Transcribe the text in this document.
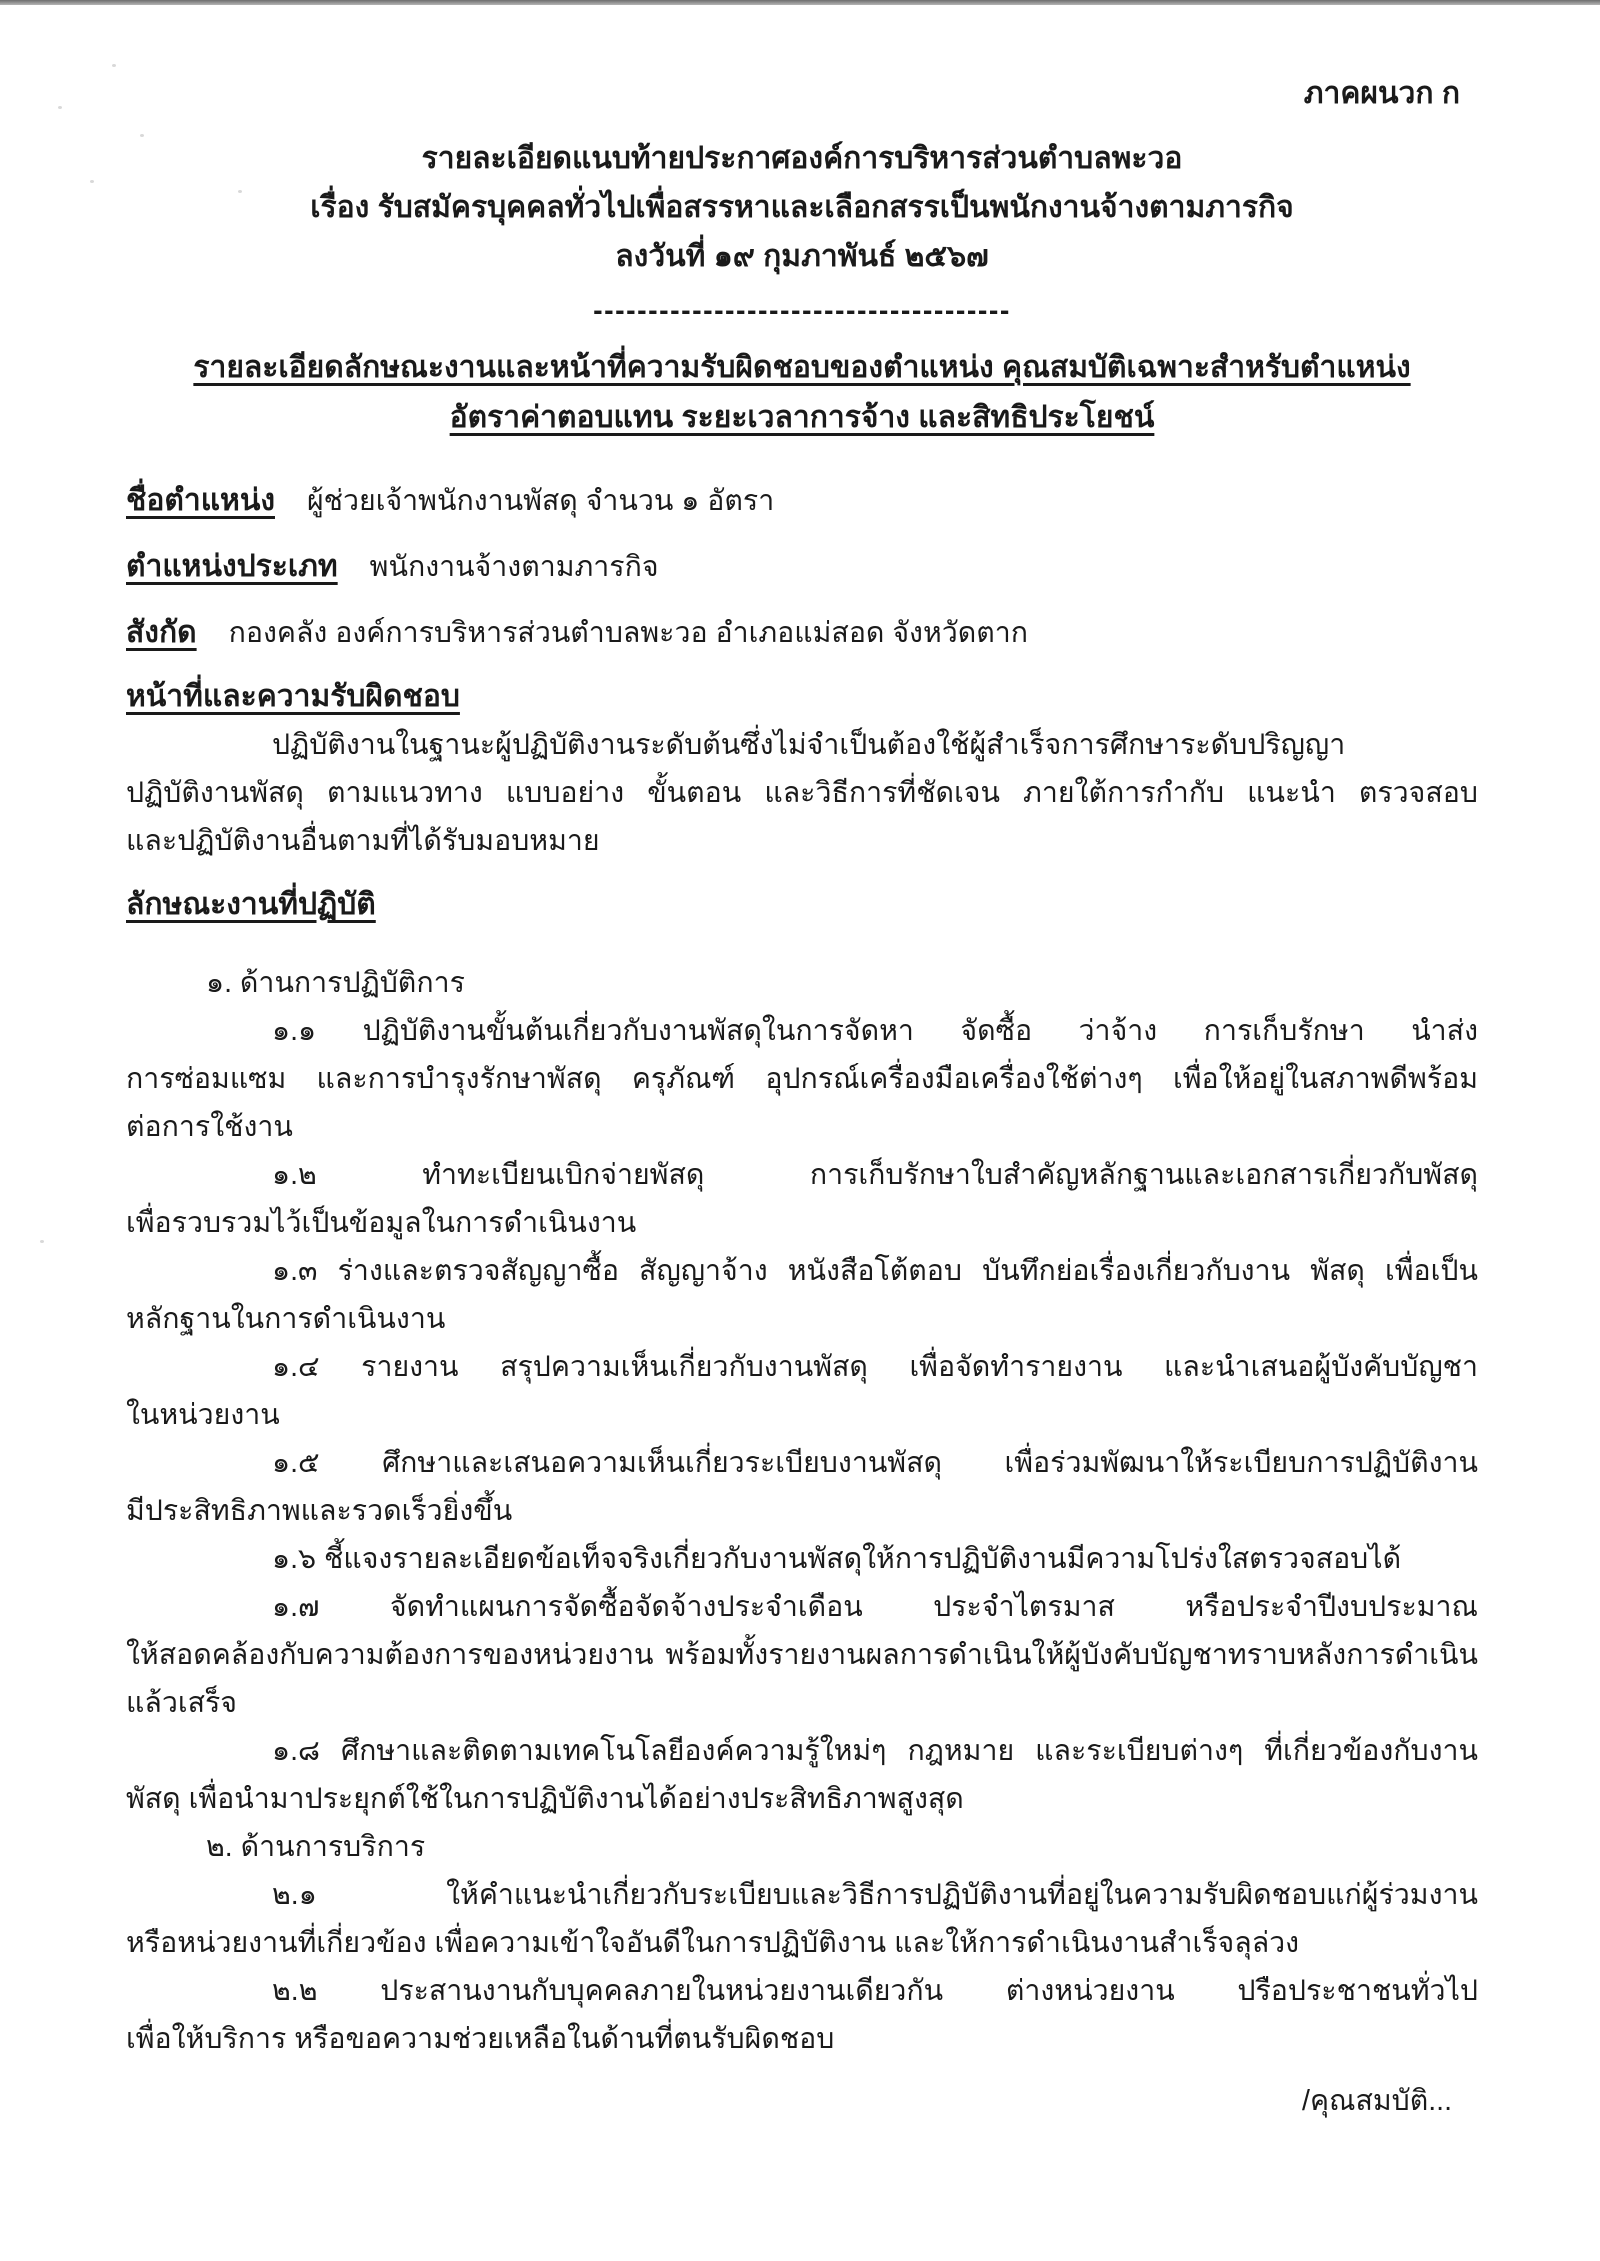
ภาคผนวก ก
รายละเอียดแนบท้ายประกาศองค์การบริหารส่วนตำบลพะวอ
เรื่อง รับสมัครบุคคลทั่วไปเพื่อสรรหาและเลือกสรรเป็นพนักงานจ้างตามภารกิจ
ลงวันที่ ๑๙ กุมภาพันธ์ ๒๕๖๗
--------------------------------------
รายละเอียดลักษณะงานและหน้าที่ความรับผิดชอบของตำแหน่ง คุณสมบัติเฉพาะสำหรับตำแหน่ง
อัตราค่าตอบแทน ระยะเวลาการจ้าง และสิทธิประโยชน์
ชื่อตำแหน่ง ผู้ช่วยเจ้าพนักงานพัสดุ จำนวน ๑ อัตรา
ตำแหน่งประเภท พนักงานจ้างตามภารกิจ
สังกัด กองคลัง องค์การบริหารส่วนตำบลพะวอ อำเภอแม่สอด จังหวัดตาก
หน้าที่และความรับผิดชอบ
ปฏิบัติงานในฐานะผู้ปฏิบัติงานระดับต้นซึ่งไม่จำเป็นต้องใช้ผู้สำเร็จการศึกษาระดับปริญญา
ปฏิบัติงานพัสดุ ตามแนวทาง แบบอย่าง ขั้นตอน และวิธีการที่ชัดเจน ภายใต้การกำกับ แนะนำ ตรวจสอบ
และปฏิบัติงานอื่นตามที่ได้รับมอบหมาย
ลักษณะงานที่ปฏิบัติ
๑. ด้านการปฏิบัติการ
๑.๑ ปฏิบัติงานขั้นต้นเกี่ยวกับงานพัสดุในการจัดหา จัดซื้อ ว่าจ้าง การเก็บรักษา นำส่ง
การซ่อมแซม และการบำรุงรักษาพัสดุ ครุภัณฑ์ อุปกรณ์เครื่องมือเครื่องใช้ต่างๆ เพื่อให้อยู่ในสภาพดีพร้อม
ต่อการใช้งาน
๑.๒ ทำทะเบียนเบิกจ่ายพัสดุ การเก็บรักษาใบสำคัญหลักฐานและเอกสารเกี่ยวกับพัสดุ
เพื่อรวบรวมไว้เป็นข้อมูลในการดำเนินงาน
๑.๓ ร่างและตรวจสัญญาซื้อ สัญญาจ้าง หนังสือโต้ตอบ บันทึกย่อเรื่องเกี่ยวกับงาน พัสดุ เพื่อเป็น
หลักฐานในการดำเนินงาน
๑.๔ รายงาน สรุปความเห็นเกี่ยวกับงานพัสดุ เพื่อจัดทำรายงาน และนำเสนอผู้บังคับบัญชา
ในหน่วยงาน
๑.๕ ศึกษาและเสนอความเห็นเกี่ยวระเบียบงานพัสดุ เพื่อร่วมพัฒนาให้ระเบียบการปฏิบัติงาน
มีประสิทธิภาพและรวดเร็วยิ่งขึ้น
๑.๖ ชี้แจงรายละเอียดข้อเท็จจริงเกี่ยวกับงานพัสดุให้การปฏิบัติงานมีความโปร่งใสตรวจสอบได้
๑.๗ จัดทำแผนการจัดซื้อจัดจ้างประจำเดือน ประจำไตรมาส หรือประจำปีงบประมาณ
ให้สอดคล้องกับความต้องการของหน่วยงาน พร้อมทั้งรายงานผลการดำเนินให้ผู้บังคับบัญชาทราบหลังการดำเนิน
แล้วเสร็จ
๑.๘ ศึกษาและติดตามเทคโนโลยีองค์ความรู้ใหม่ๆ กฎหมาย และระเบียบต่างๆ ที่เกี่ยวข้องกับงาน
พัสดุ เพื่อนำมาประยุกต์ใช้ในการปฏิบัติงานได้อย่างประสิทธิภาพสูงสุด
๒. ด้านการบริการ
๒.๑ ให้คำแนะนำเกี่ยวกับระเบียบและวิธีการปฏิบัติงานที่อยู่ในความรับผิดชอบแก่ผู้ร่วมงาน
หรือหน่วยงานที่เกี่ยวข้อง เพื่อความเข้าใจอันดีในการปฏิบัติงาน และให้การดำเนินงานสำเร็จลุล่วง
๒.๒ ประสานงานกับบุคคลภายในหน่วยงานเดียวกัน ต่างหน่วยงาน ปรือประชาชนทั่วไป
เพื่อให้บริการ หรือขอความช่วยเหลือในด้านที่ตนรับผิดชอบ
/คุณสมบัติ...
